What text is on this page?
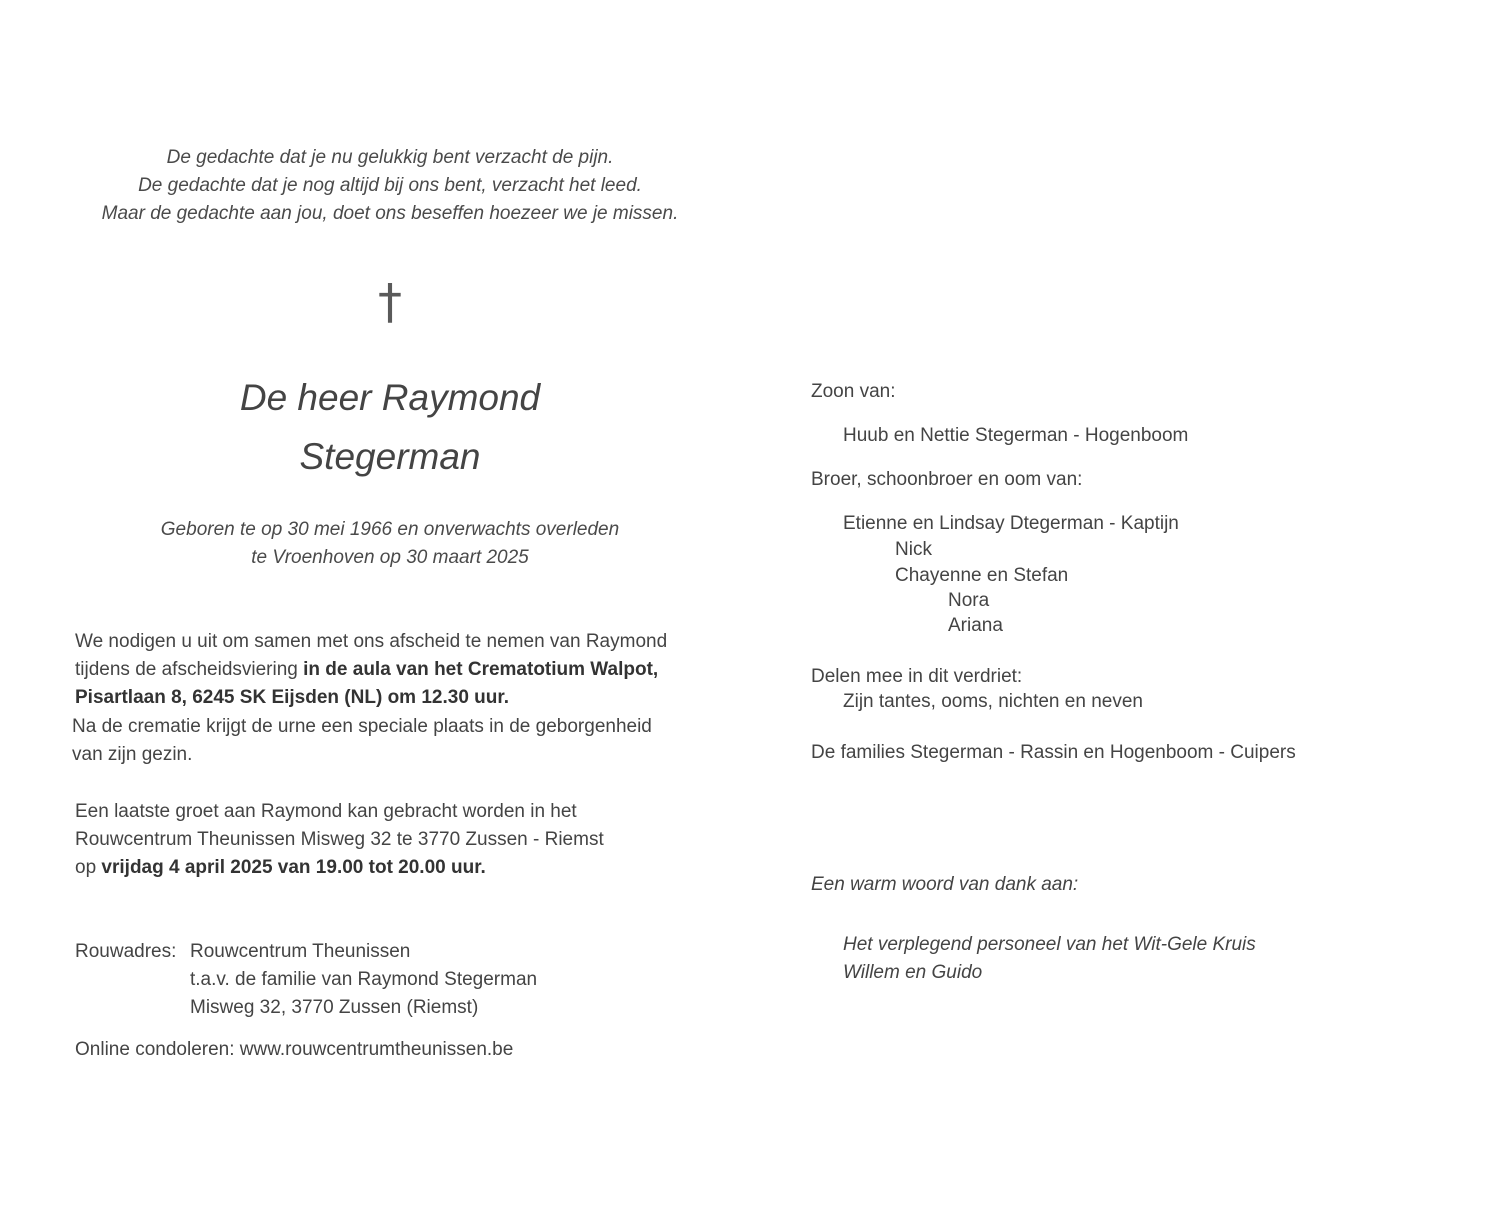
De gedachte dat je nu gelukkig bent verzacht de pijn.
De gedachte dat je nog altijd bij ons bent, verzacht het leed.
Maar de gedachte aan jou, doet ons beseffen hoezeer we je missen.
†
De heer Raymond
Stegerman
Geboren te op 30 mei 1966 en onverwachts overleden
te Vroenhoven op 30 maart 2025
We nodigen u uit om samen met ons afscheid te nemen van Raymond
tijdens de afscheidsviering in de aula van het Crematotium Walpot,
Pisartlaan 8, 6245 SK Eijsden (NL) om 12.30 uur.
Na de crematie krijgt de urne een speciale plaats in de geborgenheid
van zijn gezin.
Een laatste groet aan Raymond kan gebracht worden in het
Rouwcentrum Theunissen Misweg 32 te 3770 Zussen - Riemst
op vrijdag 4 april 2025 van 19.00 tot 20.00 uur.
Rouwadres: Rouwcentrum Theunissen
t.a.v. de familie van Raymond Stegerman
Misweg 32, 3770 Zussen (Riemst)
Online condoleren: www.rouwcentrumtheunissen.be
Zoon van:
Huub en Nettie Stegerman - Hogenboom
Broer, schoonbroer en oom van:
Etienne en Lindsay Dtegerman - Kaptijn
Nick
Chayenne en Stefan
Nora
Ariana
Delen mee in dit verdriet:
Zijn tantes, ooms, nichten en neven
De families Stegerman - Rassin en Hogenboom - Cuipers
Een warm woord van dank aan:
Het verplegend personeel van het Wit-Gele Kruis
Willem en Guido
